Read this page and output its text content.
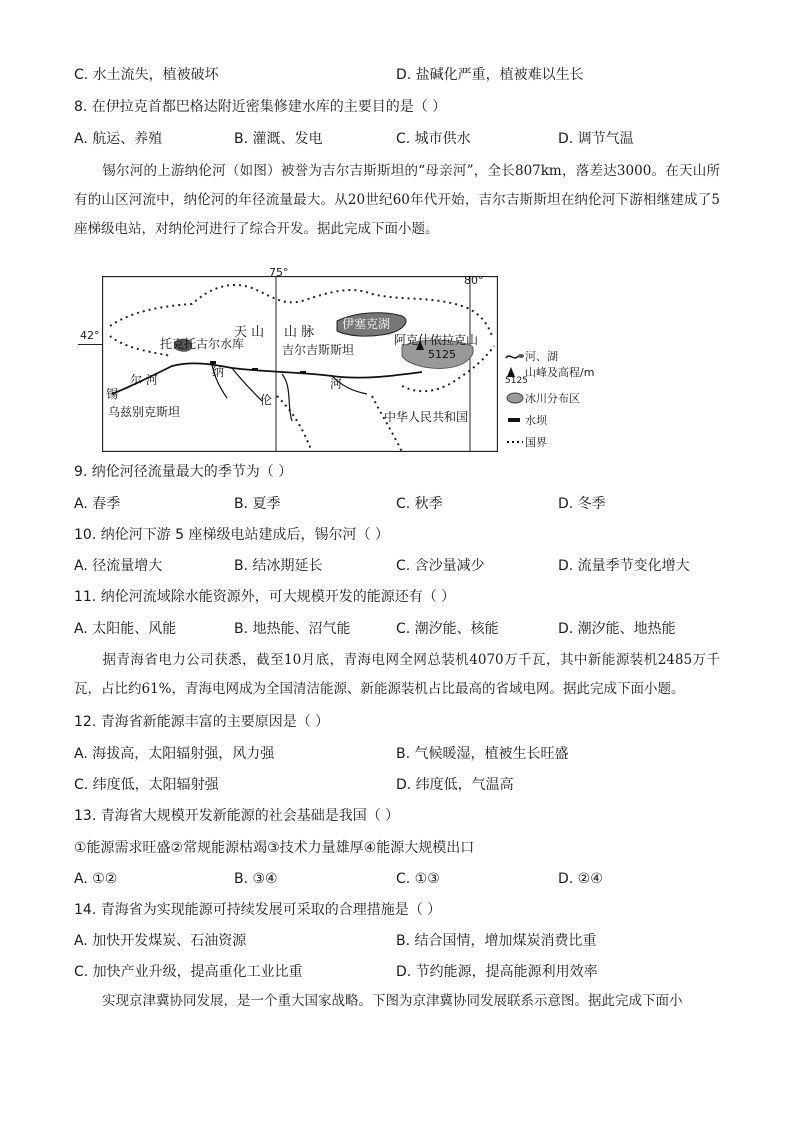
C. 水土流失，植被破坏	D. 盐碱化严重，植被难以生长
8. 在伊拉克首都巴格达附近密集修建水库的主要目的是（ ）
A. 航运、养殖	B. 灌溉、发电	C. 城市供水	D. 调节气温
锡尔河的上游纳伦河（如图）被誉为吉尔吉斯斯坦的“母亲河”，全长807km，落差达3000。在天山所有的山区河流中，纳伦河的年径流量最大。从20世纪60年代开始，吉尔吉斯斯坦在纳伦河下游相继建成了5座梯级电站，对纳伦河进行了综合开发。据此完成下面小题。
天 山 山 脉
伊塞克湖
阿克什依拉克山
5125
托克托古尔水库	吉尔吉斯斯坦
纳
伦
河
锡
尔 河
乌兹别克斯坦	中华人民共和国
75°
80°
42°
河、湖
山峰及高程/m
5125
冰川分布区
水坝
国界
9. 纳伦河径流量最大的季节为（ ）
A. 春季	B. 夏季	C. 秋季	D. 冬季
10. 纳伦河下游 5 座梯级电站建成后，锡尔河（ ）
A. 径流量增大	B. 结冰期延长	C. 含沙量减少	D. 流量季节变化增大
11. 纳伦河流域除水能资源外，可大规模开发的能源还有（ ）
A. 太阳能、风能	B. 地热能、沼气能	C. 潮汐能、核能	D. 潮汐能、地热能
据青海省电力公司获悉，截至10月底，青海电网全网总装机4070万千瓦，其中新能源装机2485万千瓦，占比约61%，青海电网成为全国清洁能源、新能源装机占比最高的省域电网。据此完成下面小题。
12. 青海省新能源丰富的主要原因是（ ）
A. 海拔高，太阳辐射强，风力强	B. 气候暖湿，植被生长旺盛
C. 纬度低，太阳辐射强	D. 纬度低，气温高
13. 青海省大规模开发新能源的社会基础是我国（ ）
①能源需求旺盛②常规能源枯竭③技术力量雄厚④能源大规模出口
A. ①②	B. ③④	C. ①③	D. ②④
14. 青海省为实现能源可持续发展可采取的合理措施是（ ）
A. 加快开发煤炭、石油资源	B. 结合国情，增加煤炭消费比重
C. 加快产业升级，提高重化工业比重	D. 节约能源，提高能源利用效率
实现京津冀协同发展，是一个重大国家战略。下图为京津冀协同发展联系示意图。据此完成下面小
